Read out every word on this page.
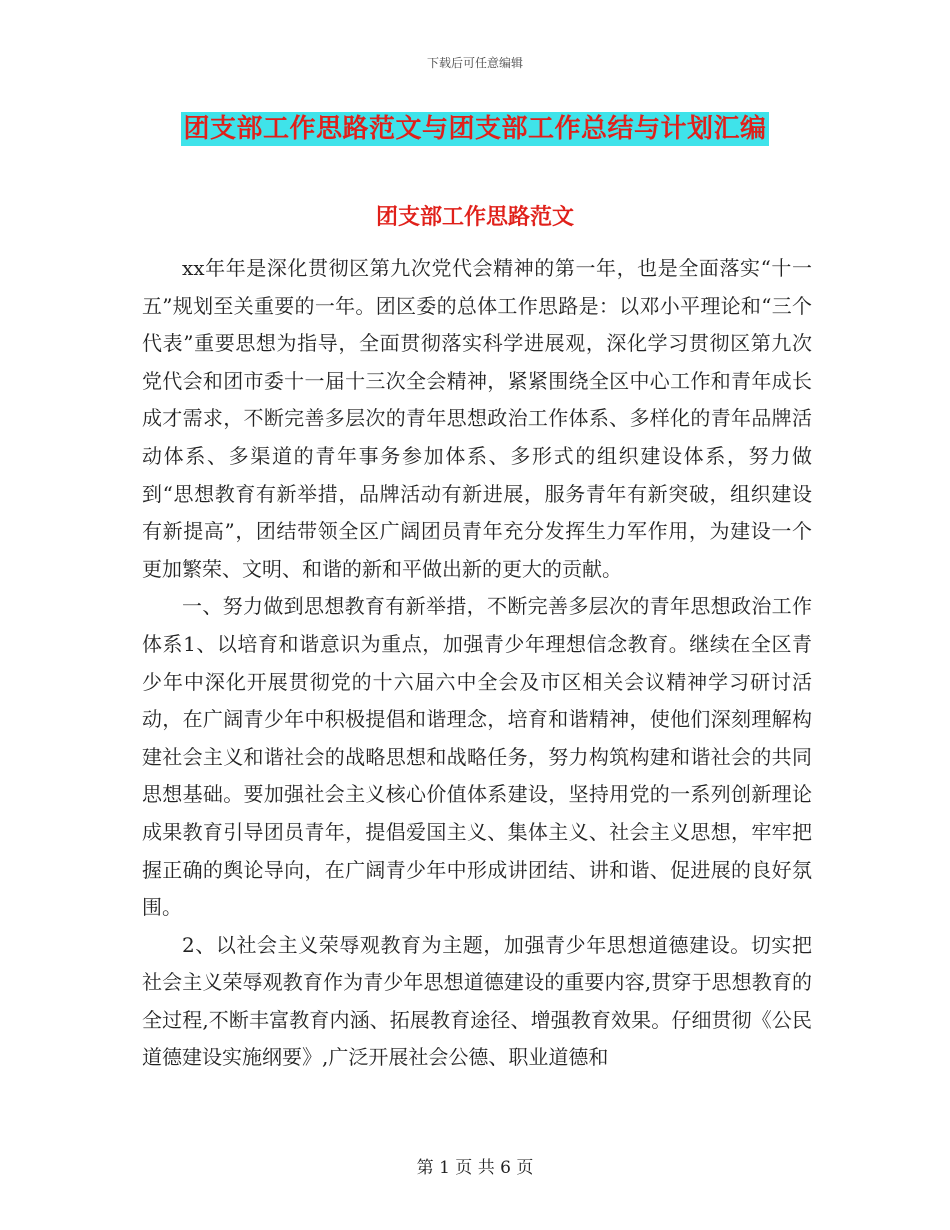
下载后可任意编辑
团支部工作思路范文与团支部工作总结与计划汇编
团支部工作思路范文

xx年年是深化贯彻区第九次党代会精神的第一年，也是全面落实“十一五”规划至关重要的一年。团区委的总体工作思路是：以邓小平理论和“三个代表”重要思想为指导，全面贯彻落实科学进展观，深化学习贯彻区第九次党代会和团市委十一届十三次全会精神，紧紧围绕全区中心工作和青年成长成才需求，不断完善多层次的青年思想政治工作体系、多样化的青年品牌活动体系、多渠道的青年事务参加体系、多形式的组织建设体系，努力做到“思想教育有新举措，品牌活动有新进展，服务青年有新突破，组织建设有新提高”，团结带领全区广阔团员青年充分发挥生力军作用，为建设一个更加繁荣、文明、和谐的新和平做出新的更大的贡献。

一、努力做到思想教育有新举措，不断完善多层次的青年思想政治工作体系1、以培育和谐意识为重点，加强青少年理想信念教育。继续在全区青少年中深化开展贯彻党的十六届六中全会及市区相关会议精神学习研讨活动，在广阔青少年中积极提倡和谐理念，培育和谐精神，使他们深刻理解构建社会主义和谐社会的战略思想和战略任务，努力构筑构建和谐社会的共同思想基础。要加强社会主义核心价值体系建设，坚持用党的一系列创新理论成果教育引导团员青年，提倡爱国主义、集体主义、社会主义思想，牢牢把握正确的舆论导向，在广阔青少年中形成讲团结、讲和谐、促进展的良好氛围。

2、以社会主义荣辱观教育为主题，加强青少年思想道德建设。切实把社会主义荣辱观教育作为青少年思想道德建设的重要内容,贯穿于思想教育的全过程,不断丰富教育内涵、拓展教育途径、增强教育效果。仔细贯彻《公民道德建设实施纲要》,广泛开展社会公德、职业道德和

第 1 页 共 6 页
